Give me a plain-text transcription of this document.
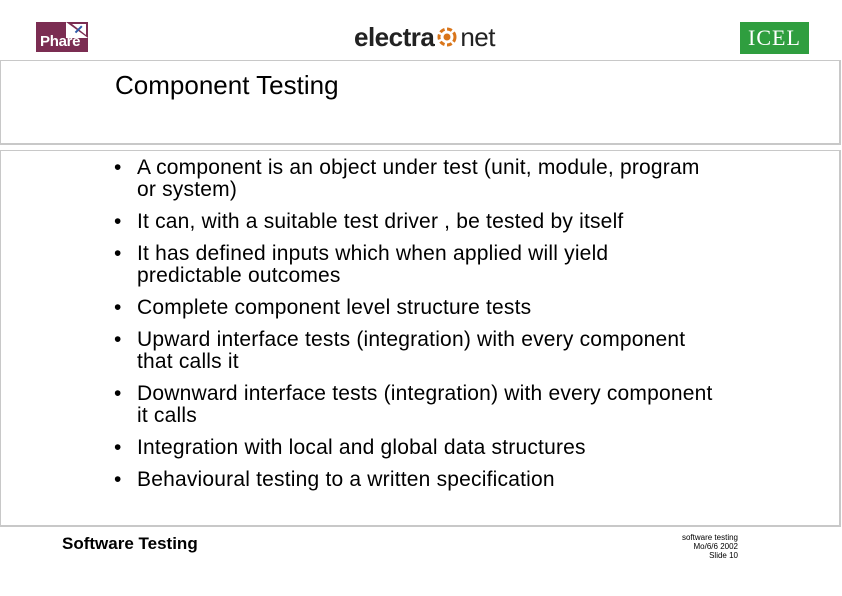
Phare	electra net	ICEL
Component Testing
• A component is an object under test (unit, module, program or system)
• It can, with a suitable test driver , be tested by itself
• It has defined inputs which when applied will yield predictable outcomes
• Complete component level structure tests
• Upward interface tests (integration) with every component that calls it
• Downward interface tests (integration) with every component it calls
• Integration with local and global data structures
• Behavioural testing to a written specification
Software Testing	software testing
Mo/6/6 2002
Slide 10
